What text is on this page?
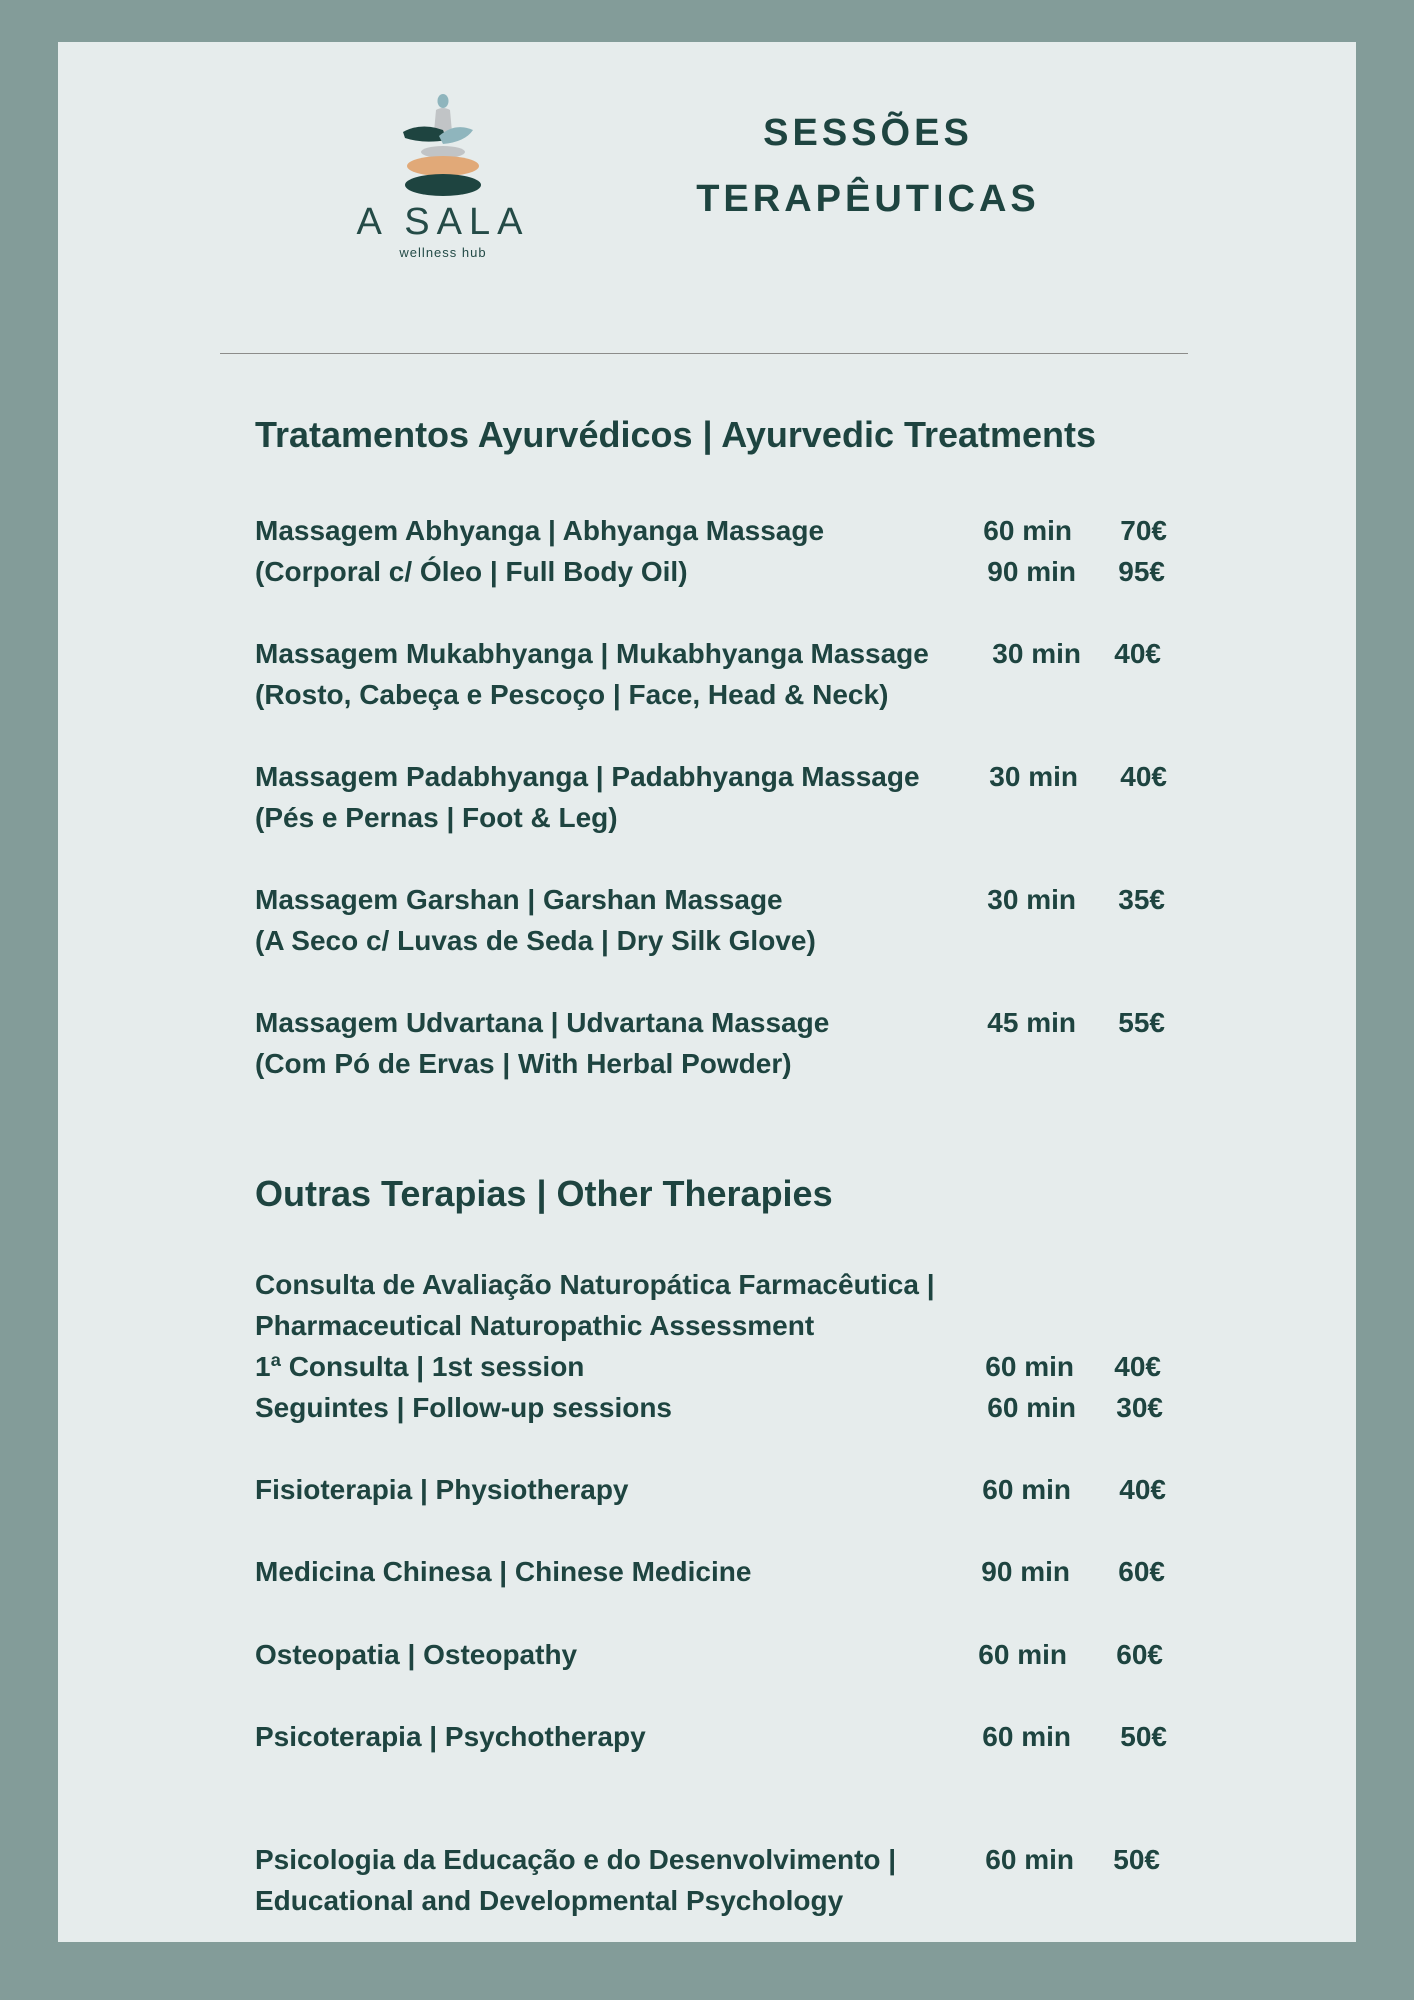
A SALA
wellness hub
SESSÕES
TERAPÊUTICAS
Tratamentos Ayurvédicos | Ayurvedic Treatments
Massagem Abhyanga | Abhyanga Massage	60 min	70€
(Corporal c/ Óleo | Full Body Oil)	90 min	95€
Massagem Mukabhyanga | Mukabhyanga Massage	30 min	40€
(Rosto, Cabeça e Pescoço | Face, Head & Neck)
Massagem Padabhyanga | Padabhyanga Massage	30 min	40€
(Pés e Pernas | Foot & Leg)
Massagem Garshan | Garshan Massage	30 min	35€
(A Seco c/ Luvas de Seda | Dry Silk Glove)
Massagem Udvartana | Udvartana Massage	45 min	55€
(Com Pó de Ervas | With Herbal Powder)
Outras Terapias | Other Therapies
Consulta de Avaliação Naturopática Farmacêutica |
Pharmaceutical Naturopathic Assessment
1ª Consulta | 1st session	60 min	40€
Seguintes | Follow-up sessions	60 min	30€
Fisioterapia | Physiotherapy	60 min	40€
Medicina Chinesa | Chinese Medicine	90 min	60€
Osteopatia | Osteopathy	60 min	60€
Psicoterapia | Psychotherapy	60 min	50€
Psicologia da Educação e do Desenvolvimento |	60 min	50€
Educational and Developmental Psychology
